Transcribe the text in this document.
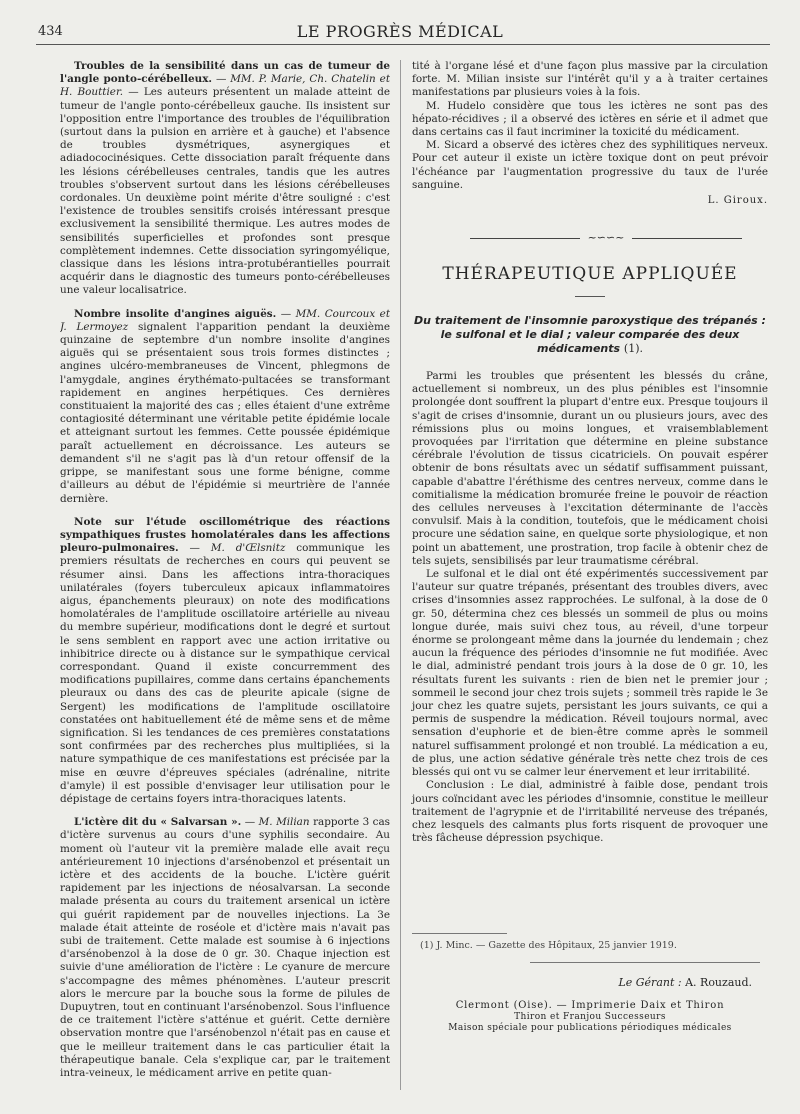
434	LE PROGRÈS MÉDICAL

Troubles de la sensibilité dans un cas de tumeur de l'angle ponto-cérébelleux. — MM. P. Marie, Ch. Chatelin et H. Bouttier. — Les auteurs présentent un malade atteint de tumeur de l'angle ponto-cérébelleux gauche. Ils insistent sur l'opposition entre l'importance des troubles de l'équilibration (surtout dans la pulsion en arrière et à gauche) et l'absence de troubles dysmétriques, asynergiques et adiadococinésiques. Cette dissociation paraît fréquente dans les lésions cérébelleuses centrales, tandis que les autres troubles s'observent surtout dans les lésions cérébelleuses cordonales. Un deuxième point mérite d'être souligné : c'est l'existence de troubles sensitifs croisés intéressant presque exclusivement la sensibilité thermique. Les autres modes de sensibilités superficielles et profondes sont presque complètement indemnes. Cette dissociation syringomyélique, classique dans les lésions intra-protubérantielles pourrait acquérir dans le diagnostic des tumeurs ponto-cérébelleuses une valeur localisatrice.

Nombre insolite d'angines aiguës. — MM. Courcoux et J. Lermoyez signalent l'apparition pendant la deuxième quinzaine de septembre d'un nombre insolite d'angines aiguës qui se présentaient sous trois formes distinctes ; angines ulcéro-membraneuses de Vincent, phlegmons de l'amygdale, angines érythémato-pultacées se transformant rapidement en angines herpétiques. Ces dernières constituaient la majorité des cas ; elles étaient d'une extrême contagiosité déterminant une véritable petite épidémie locale et atteignant surtout les femmes. Cette poussée épidémique paraît actuellement en décroissance. Les auteurs se demandent s'il ne s'agit pas là d'un retour offensif de la grippe, se manifestant sous une forme bénigne, comme d'ailleurs au début de l'épidémie si meurtrière de l'année dernière.

Note sur l'étude oscillométrique des réactions sympathiques frustes homolatérales dans les affections pleuro-pulmonaires. — M. d'Œlsnitz communique les premiers résultats de recherches en cours qui peuvent se résumer ainsi. Dans les affections intra-thoraciques unilatérales (foyers tuberculeux apicaux inflammatoires aigus, épanchements pleuraux) on note des modifications homolatérales de l'amplitude oscillatoire artérielle au niveau du membre supérieur, modifications dont le degré et surtout le sens semblent en rapport avec une action irritative ou inhibitrice directe ou à distance sur le sympathique cervical correspondant. Quand il existe concurremment des modifications pupillaires, comme dans certains épanchements pleuraux ou dans des cas de pleurite apicale (signe de Sergent) les modifications de l'amplitude oscillatoire constatées ont habituellement été de même sens et de même signification. Si les tendances de ces premières constatations sont confirmées par des recherches plus multipliées, si la nature sympathique de ces manifestations est précisée par la mise en œuvre d'épreuves spéciales (adrénaline, nitrite d'amyle) il est possible d'envisager leur utilisation pour le dépistage de certains foyers intra-thoraciques latents.

L'ictère dit du « Salvarsan ». — M. Milian rapporte 3 cas d'ictère survenus au cours d'une syphilis secondaire. Au moment où l'auteur vit la première malade elle avait reçu antérieurement 10 injections d'arsénobenzol et présentait un ictère et des accidents de la bouche. L'ictère guérit rapidement par les injections de néosalvarsan. La seconde malade présenta au cours du traitement arsenical un ictère qui guérit rapidement par de nouvelles injections. La 3e malade était atteinte de roséole et d'ictère mais n'avait pas subi de traitement. Cette malade est soumise à 6 injections d'arsénobenzol à la dose de 0 gr. 30. Chaque injection est suivie d'une amélioration de l'ictère : Le cyanure de mercure s'accompagne des mêmes phénomènes. L'auteur prescrit alors le mercure par la bouche sous la forme de pilules de Dupuytren, tout en continuant l'arsénobenzol. Sous l'influence de ce traitement l'ictère s'atténue et guérit. Cette dernière observation montre que l'arsénobenzol n'était pas en cause et que le meilleur traitement dans le cas particulier était la thérapeutique banale. Cela s'explique car, par le traitement intra-veineux, le médicament arrive en petite quan-

tité à l'organe lésé et d'une façon plus massive par la circulation forte. M. Milian insiste sur l'intérêt qu'il y a à traiter certaines manifestations par plusieurs voies à la fois.

M. Hudelo considère que tous les ictères ne sont pas des hépato-récidives ; il a observé des ictères en série et il admet que dans certains cas il faut incriminer la toxicité du médicament.

M. Sicard a observé des ictères chez des syphilitiques nerveux. Pour cet auteur il existe un ictère toxique dont on peut prévoir l'échéance par l'augmentation progressive du taux de l'urée sanguine.

L. Giroux.
~∽∽~
THÉRAPEUTIQUE APPLIQUÉE
Du traitement de l'insomnie paroxystique des trépanés : le sulfonal et le dial ; valeur comparée des deux médicaments (1).

Parmi les troubles que présentent les blessés du crâne, actuellement si nombreux, un des plus pénibles est l'insomnie prolongée dont souffrent la plupart d'entre eux. Presque toujours il s'agit de crises d'insomnie, durant un ou plusieurs jours, avec des rémissions plus ou moins longues, et vraisemblablement provoquées par l'irritation que détermine en pleine substance cérébrale l'évolution de tissus cicatriciels. On pouvait espérer obtenir de bons résultats avec un sédatif suffisamment puissant, capable d'abattre l'éréthisme des centres nerveux, comme dans le comitialisme la médication bromurée freine le pouvoir de réaction des cellules nerveuses à l'excitation déterminante de l'accès convulsif. Mais à la condition, toutefois, que le médicament choisi procure une sédation saine, en quelque sorte physiologique, et non point un abattement, une prostration, trop facile à obtenir chez de tels sujets, sensibilisés par leur traumatisme cérébral.

Le sulfonal et le dial ont été expérimentés successivement par l'auteur sur quatre trépanés, présentant des troubles divers, avec crises d'insomnies assez rapprochées. Le sulfonal, à la dose de 0 gr. 50, détermina chez ces blessés un sommeil de plus ou moins longue durée, mais suivi chez tous, au réveil, d'une torpeur énorme se prolongeant même dans la journée du lendemain ; chez aucun la fréquence des périodes d'insomnie ne fut modifiée. Avec le dial, administré pendant trois jours à la dose de 0 gr. 10, les résultats furent les suivants : rien de bien net le premier jour ; sommeil le second jour chez trois sujets ; sommeil très rapide le 3e jour chez les quatre sujets, persistant les jours suivants, ce qui a permis de suspendre la médication. Réveil toujours normal, avec sensation d'euphorie et de bien-être comme après le sommeil naturel suffisamment prolongé et non troublé. La médication a eu, de plus, une action sédative générale très nette chez trois de ces blessés qui ont vu se calmer leur énervement et leur irritabilité.

Conclusion : Le dial, administré à faible dose, pendant trois jours coïncidant avec les périodes d'insomnie, constitue le meilleur traitement de l'agrypnie et de l'irritabilité nerveuse des trépanés, chez lesquels des calmants plus forts risquent de provoquer une très fâcheuse dépression psychique.

(1) J. Minc. — Gazette des Hôpitaux, 25 janvier 1919.
Le Gérant : A. Rouzaud.
Clermont (Oise). — Imprimerie Daix et Thiron
Thiron et Franjou Successeurs
Maison spéciale pour publications périodiques médicales
